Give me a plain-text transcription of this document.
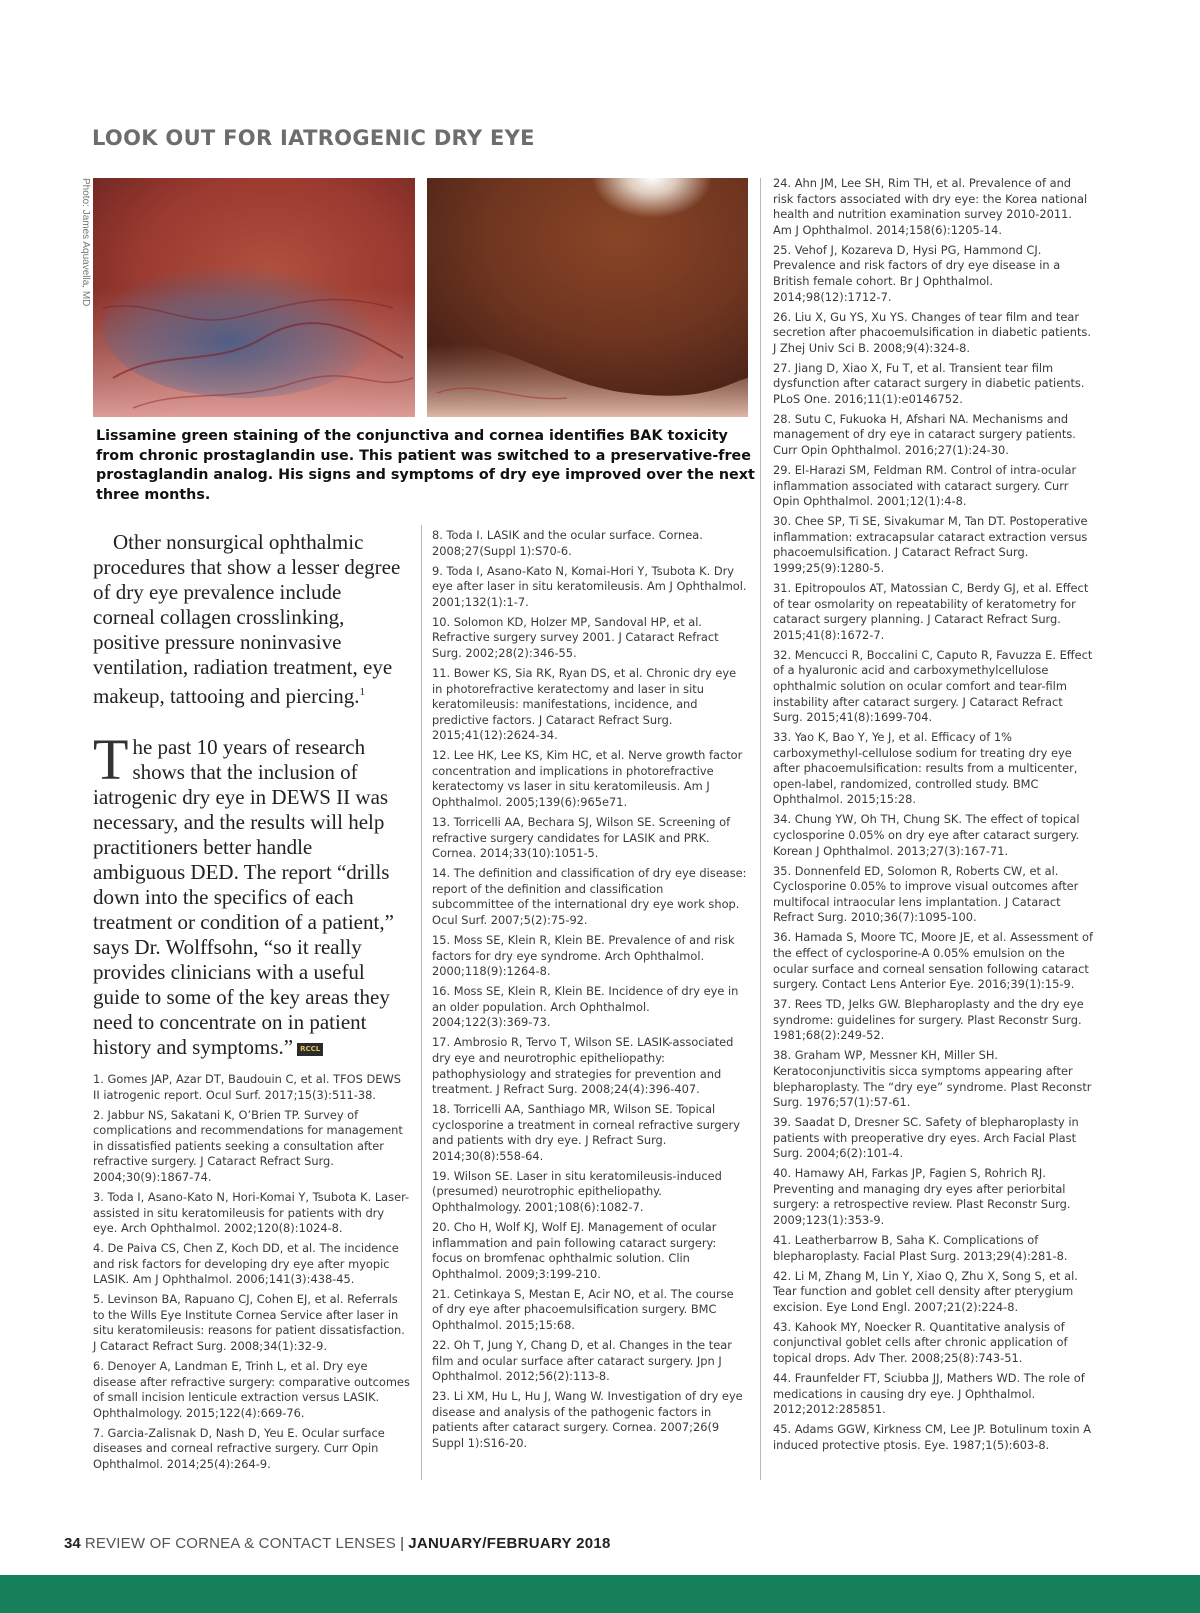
LOOK OUT FOR IATROGENIC DRY EYE
Photo: James Aquavella, MD

Lissamine green staining of the conjunctiva and cornea identifies BAK toxicity from chronic prostaglandin use. This patient was switched to a preservative-free prostaglandin analog. His signs and symptoms of dry eye improved over the next three months.

Other nonsurgical ophthalmic procedures that show a lesser degree of dry eye prevalence include corneal collagen crosslinking, positive pressure noninvasive ventilation, radiation treatment, eye makeup, tattooing and piercing.$^1$

The past 10 years of research shows that the inclusion of iatrogenic dry eye in DEWS II was necessary, and the results will help practitioners better handle ambiguous DED. The report “drills down into the specifics of each treatment or condition of a patient,” says Dr. Wolffsohn, “so it really provides clinicians with a useful guide to some of the key areas they need to concentrate on in patient history and symptoms.” RCCL

1. Gomes JAP, Azar DT, Baudouin C, et al. TFOS DEWS II iatrogenic report. Ocul Surf. 2017;15(3):511-38.
2. Jabbur NS, Sakatani K, O’Brien TP. Survey of complications and recommendations for management in dissatisfied patients seeking a consultation after refractive surgery. J Cataract Refract Surg. 2004;30(9):1867-74.
3. Toda I, Asano-Kato N, Hori-Komai Y, Tsubota K. Laser-assisted in situ keratomileusis for patients with dry eye. Arch Ophthalmol. 2002;120(8):1024-8.
4. De Paiva CS, Chen Z, Koch DD, et al. The incidence and risk factors for developing dry eye after myopic LASIK. Am J Ophthalmol. 2006;141(3):438-45.
5. Levinson BA, Rapuano CJ, Cohen EJ, et al. Referrals to the Wills Eye Institute Cornea Service after laser in situ keratomileusis: reasons for patient dissatisfaction. J Cataract Refract Surg. 2008;34(1):32-9.
6. Denoyer A, Landman E, Trinh L, et al. Dry eye disease after refractive surgery: comparative outcomes of small incision lenticule extraction versus LASIK. Ophthalmology. 2015;122(4):669-76.
7. Garcia-Zalisnak D, Nash D, Yeu E. Ocular surface diseases and corneal refractive surgery. Curr Opin Ophthalmol. 2014;25(4):264-9.
8. Toda I. LASIK and the ocular surface. Cornea. 2008;27(Suppl 1):S70-6.
9. Toda I, Asano-Kato N, Komai-Hori Y, Tsubota K. Dry eye after laser in situ keratomileusis. Am J Ophthalmol. 2001;132(1):1-7.
10. Solomon KD, Holzer MP, Sandoval HP, et al. Refractive surgery survey 2001. J Cataract Refract Surg. 2002;28(2):346-55.
11. Bower KS, Sia RK, Ryan DS, et al. Chronic dry eye in photorefractive keratectomy and laser in situ keratomileusis: manifestations, incidence, and predictive factors. J Cataract Refract Surg. 2015;41(12):2624-34.
12. Lee HK, Lee KS, Kim HC, et al. Nerve growth factor concentration and implications in photorefractive keratectomy vs laser in situ keratomileusis. Am J Ophthalmol. 2005;139(6):965e71.
13. Torricelli AA, Bechara SJ, Wilson SE. Screening of refractive surgery candidates for LASIK and PRK. Cornea. 2014;33(10):1051-5.
14. The definition and classification of dry eye disease: report of the definition and classification subcommittee of the international dry eye work shop. Ocul Surf. 2007;5(2):75-92.
15. Moss SE, Klein R, Klein BE. Prevalence of and risk factors for dry eye syndrome. Arch Ophthalmol. 2000;118(9):1264-8.
16. Moss SE, Klein R, Klein BE. Incidence of dry eye in an older population. Arch Ophthalmol. 2004;122(3):369-73.
17. Ambrosio R, Tervo T, Wilson SE. LASIK-associated dry eye and neurotrophic epitheliopathy: pathophysiology and strategies for prevention and treatment. J Refract Surg. 2008;24(4):396-407.
18. Torricelli AA, Santhiago MR, Wilson SE. Topical cyclosporine a treatment in corneal refractive surgery and patients with dry eye. J Refract Surg. 2014;30(8):558-64.
19. Wilson SE. Laser in situ keratomileusis-induced (presumed) neurotrophic epitheliopathy. Ophthalmology. 2001;108(6):1082-7.
20. Cho H, Wolf KJ, Wolf EJ. Management of ocular inflammation and pain following cataract surgery: focus on bromfenac ophthalmic solution. Clin Ophthalmol. 2009;3:199-210.
21. Cetinkaya S, Mestan E, Acir NO, et al. The course of dry eye after phacoemulsification surgery. BMC Ophthalmol. 2015;15:68.
22. Oh T, Jung Y, Chang D, et al. Changes in the tear film and ocular surface after cataract surgery. Jpn J Ophthalmol. 2012;56(2):113-8.
23. Li XM, Hu L, Hu J, Wang W. Investigation of dry eye disease and analysis of the pathogenic factors in patients after cataract surgery. Cornea. 2007;26(9 Suppl 1):S16-20.
24. Ahn JM, Lee SH, Rim TH, et al. Prevalence of and risk factors associated with dry eye: the Korea national health and nutrition examination survey 2010-2011. Am J Ophthalmol. 2014;158(6):1205-14.
25. Vehof J, Kozareva D, Hysi PG, Hammond CJ. Prevalence and risk factors of dry eye disease in a British female cohort. Br J Ophthalmol. 2014;98(12):1712-7.
26. Liu X, Gu YS, Xu YS. Changes of tear film and tear secretion after phacoemulsification in diabetic patients. J Zhej Univ Sci B. 2008;9(4):324-8.
27. Jiang D, Xiao X, Fu T, et al. Transient tear film dysfunction after cataract surgery in diabetic patients. PLoS One. 2016;11(1):e0146752.
28. Sutu C, Fukuoka H, Afshari NA. Mechanisms and management of dry eye in cataract surgery patients. Curr Opin Ophthalmol. 2016;27(1):24-30.
29. El-Harazi SM, Feldman RM. Control of intra-ocular inflammation associated with cataract surgery. Curr Opin Ophthalmol. 2001;12(1):4-8.
30. Chee SP, Ti SE, Sivakumar M, Tan DT. Postoperative inflammation: extracapsular cataract extraction versus phacoemulsification. J Cataract Refract Surg. 1999;25(9):1280-5.
31. Epitropoulos AT, Matossian C, Berdy GJ, et al. Effect of tear osmolarity on repeatability of keratometry for cataract surgery planning. J Cataract Refract Surg. 2015;41(8):1672-7.
32. Mencucci R, Boccalini C, Caputo R, Favuzza E. Effect of a hyaluronic acid and carboxymethylcellulose ophthalmic solution on ocular comfort and tear-film instability after cataract surgery. J Cataract Refract Surg. 2015;41(8):1699-704.
33. Yao K, Bao Y, Ye J, et al. Efficacy of 1% carboxymethyl-cellulose sodium for treating dry eye after phacoemulsification: results from a multicenter, open-label, randomized, controlled study. BMC Ophthalmol. 2015;15:28.
34. Chung YW, Oh TH, Chung SK. The effect of topical cyclosporine 0.05% on dry eye after cataract surgery. Korean J Ophthalmol. 2013;27(3):167-71.
35. Donnenfeld ED, Solomon R, Roberts CW, et al. Cyclosporine 0.05% to improve visual outcomes after multifocal intraocular lens implantation. J Cataract Refract Surg. 2010;36(7):1095-100.
36. Hamada S, Moore TC, Moore JE, et al. Assessment of the effect of cyclosporine-A 0.05% emulsion on the ocular surface and corneal sensation following cataract surgery. Contact Lens Anterior Eye. 2016;39(1):15-9.
37. Rees TD, Jelks GW. Blepharoplasty and the dry eye syndrome: guidelines for surgery. Plast Reconstr Surg. 1981;68(2):249-52.
38. Graham WP, Messner KH, Miller SH. Keratoconjunctivitis sicca symptoms appearing after blepharoplasty. The “dry eye” syndrome. Plast Reconstr Surg. 1976;57(1):57-61.
39. Saadat D, Dresner SC. Safety of blepharoplasty in patients with preoperative dry eyes. Arch Facial Plast Surg. 2004;6(2):101-4.
40. Hamawy AH, Farkas JP, Fagien S, Rohrich RJ. Preventing and managing dry eyes after periorbital surgery: a retrospective review. Plast Reconstr Surg. 2009;123(1):353-9.
41. Leatherbarrow B, Saha K. Complications of blepharoplasty. Facial Plast Surg. 2013;29(4):281-8.
42. Li M, Zhang M, Lin Y, Xiao Q, Zhu X, Song S, et al. Tear function and goblet cell density after pterygium excision. Eye Lond Engl. 2007;21(2):224-8.
43. Kahook MY, Noecker R. Quantitative analysis of conjunctival goblet cells after chronic application of topical drops. Adv Ther. 2008;25(8):743-51.
44. Fraunfelder FT, Sciubba JJ, Mathers WD. The role of medications in causing dry eye. J Ophthalmol. 2012;2012:285851.
45. Adams GGW, Kirkness CM, Lee JP. Botulinum toxin A induced protective ptosis. Eye. 1987;1(5):603-8.
34 REVIEW OF CORNEA & CONTACT LENSES | JANUARY/FEBRUARY 2018
